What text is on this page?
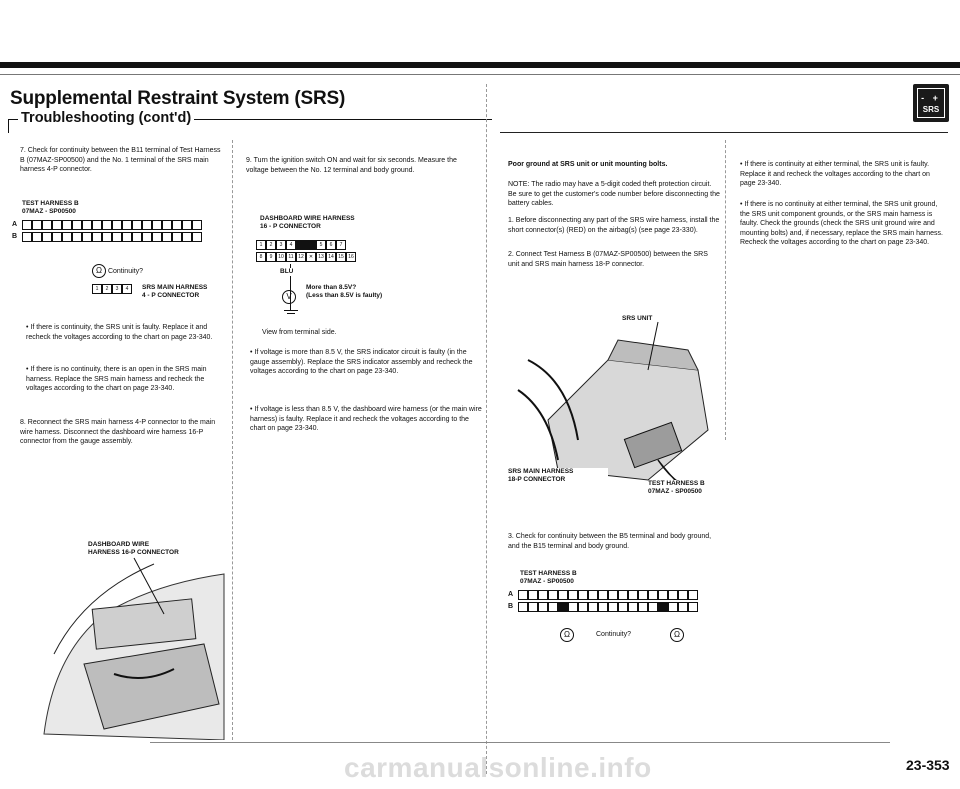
Supplemental Restraint System (SRS)
Troubleshooting (cont'd)
- +
SRS
7. Check for continuity between the B11 terminal of Test Harness B (07MAZ-SP00500) and the No. 1 terminal of the SRS main harness 4-P connector.
TEST HARNESS B
07MAZ - SP00500
A
B
Ω Continuity?
1	2	3	4	SRS MAIN HARNESS
4 - P CONNECTOR
• If there is continuity, the SRS unit is faulty. Replace it and recheck the voltages according to the chart on page 23-340.
• If there is no continuity, there is an open in the SRS main harness. Replace the SRS main harness and recheck the voltages according to the chart on page 23-340.
8. Reconnect the SRS main harness 4-P connector to the main wire harness. Disconnect the dashboard wire harness 16-P connector from the gauge assembly.
DASHBOARD WIRE
HARNESS 16-P CONNECTOR
9. Turn the ignition switch ON and wait for six seconds. Measure the voltage between the No. 12 terminal and body ground.
DASHBOARD WIRE HARNESS
16 - P CONNECTOR
1	2	3	4	5	6	7
8	9	10 11 12	✕	13 14 15 16
BLU
V
More than 8.5V?
(Less than 8.5V is faulty)
View from terminal side.
• If voltage is more than 8.5 V, the SRS indicator circuit is faulty (in the gauge assembly). Replace the SRS indicator assembly and recheck the voltages according to the chart on page 23-340.
• If voltage is less than 8.5 V, the dashboard wire harness (or the main wire harness) is faulty. Replace it and recheck the voltages according to the chart on page 23-340.
Poor ground at SRS unit or unit mounting bolts.
NOTE: The radio may have a 5-digit coded theft protection circuit. Be sure to get the customer's code number before disconnecting the battery cables.
1. Before disconnecting any part of the SRS wire harness, install the short connector(s) (RED) on the airbag(s) (see page 23-330).
2. Connect Test Harness B (07MAZ-SP00500) between the SRS unit and SRS main harness 18-P connector.
SRS UNIT
SRS MAIN HARNESS
18-P CONNECTOR
TEST HARNESS B
07MAZ - SP00500
3. Check for continuity between the B5 terminal and body ground, and the B15 terminal and body ground.
TEST HARNESS B
07MAZ - SP00500
A
B
Ω	Continuity?	Ω
• If there is continuity at either terminal, the SRS unit is faulty. Replace it and recheck the voltages according to the chart on page 23-340.
• If there is no continuity at either terminal, the SRS unit ground, the SRS unit component grounds, or the SRS main harness is faulty. Check the grounds (check the SRS unit ground wire and mounting bolts) and, if necessary, replace the SRS main harness. Recheck the voltages according to the chart on page 23-340.
carmanualsonline.info	23-353
